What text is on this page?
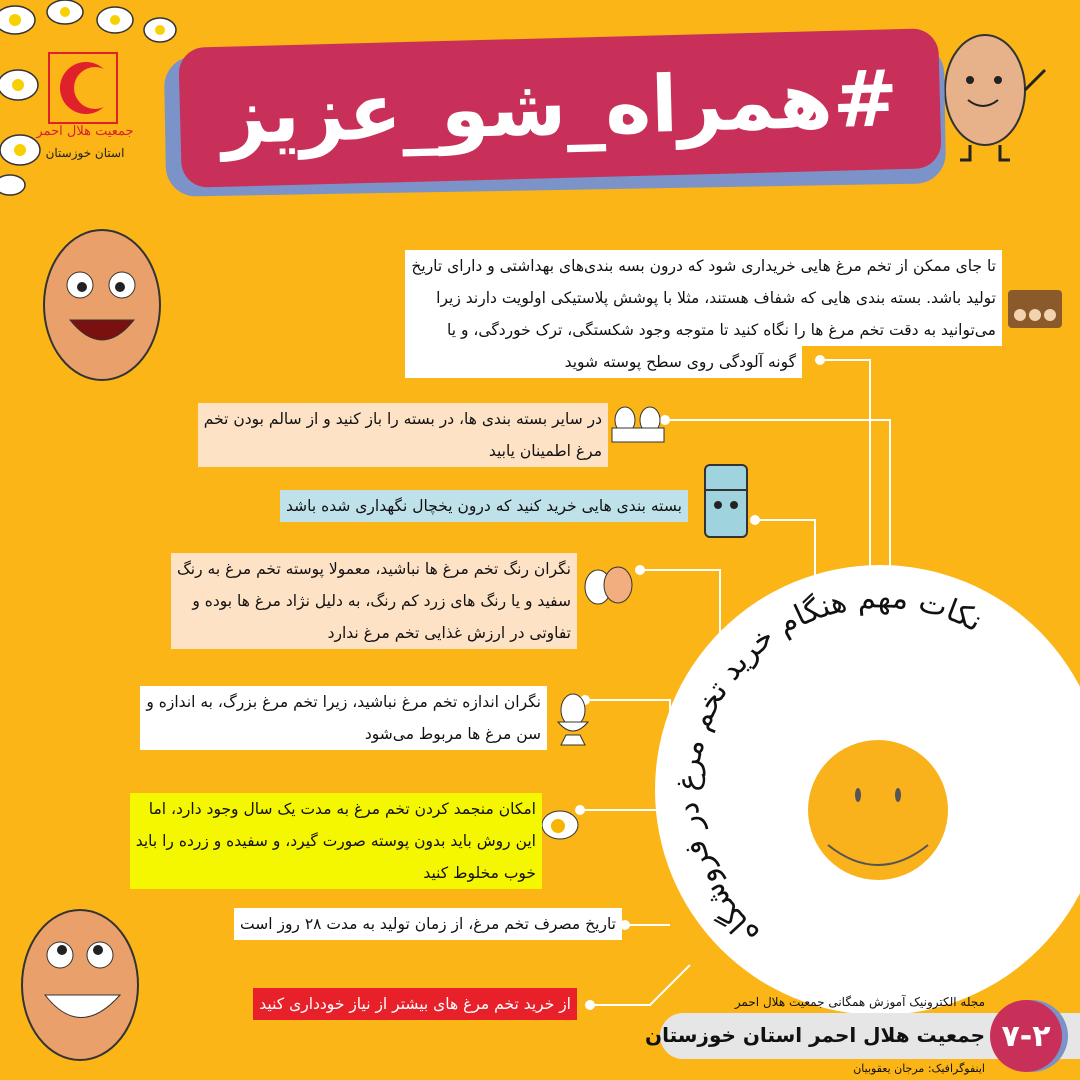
نکات مهم هنگام خرید تخم مرغ در فروشگاه
#همراه_شو_عزیز
جمعیت هلال احمر
استان خوزستان
تا جای ممکن از تخم مرغ هایی خریداری شود که درون بسه بندی‌های بهداشتی و دارای تاریخ
تولید باشد. بسته بندی هایی که شفاف هستند، مثلا با پوشش پلاستیکی اولویت دارند زیرا
می‌توانید به دقت تخم مرغ ها را نگاه کنید تا متوجه وجود شکستگی، ترک خوردگی، و یا
گونه آلودگی روی سطح پوسته شوید
در سایر بسته بندی ها، در بسته را باز کنید و از سالم بودن تخم
مرغ اطمینان یابید
بسته بندی هایی خرید کنید که درون یخچال نگهداری شده باشد
نگران رنگ تخم مرغ ها نباشید، معمولا پوسته تخم مرغ به رنگ
سفید و یا رنگ های زرد کم رنگ، به دلیل نژاد مرغ ها بوده و
تفاوتی در ارزش غذایی تخم مرغ ندارد
نگران اندازه تخم مرغ نباشید، زیرا تخم مرغ بزرگ، به اندازه و
سن مرغ ها مربوط می‌شود
امکان منجمد کردن تخم مرغ به مدت یک سال وجود دارد، اما
این روش باید بدون پوسته صورت گیرد، و سفیده و زرده را باید
خوب مخلوط کنید
تاریخ مصرف تخم مرغ، از زمان تولید به مدت ۲۸ روز است
از خرید تخم مرغ های بیشتر از نیاز خودداری کنید	مجله الکترونیک آموزش همگانی جمعیت هلال احمر
جمعیت هلال احمر استان خوزستان
اینفوگرافیک: مرجان یعقوبیان
۷-۲
